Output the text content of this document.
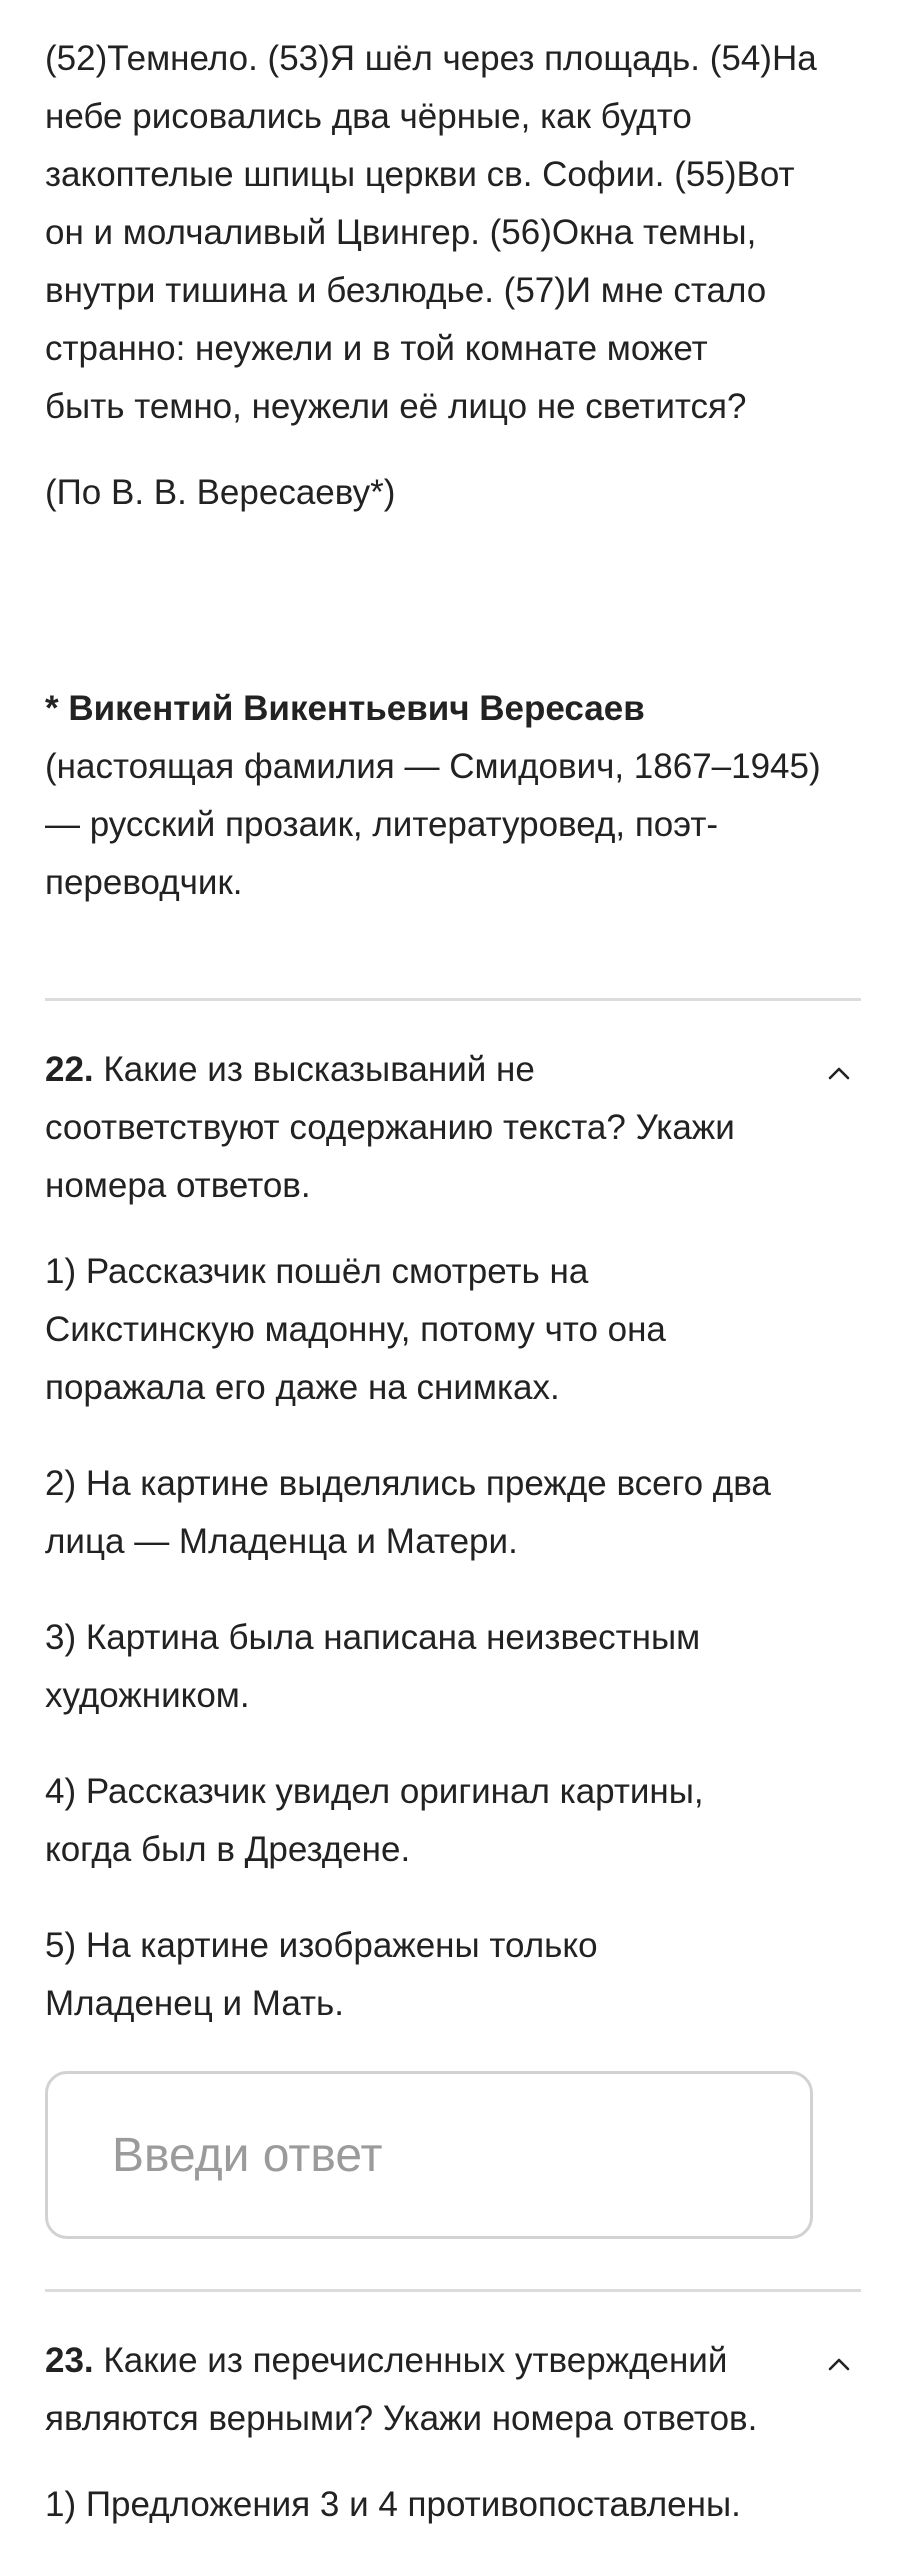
(52)Темнело. (53)Я шёл через площадь. (54)На
небе рисовались два чёрные, как будто
закоптелые шпицы церкви св. Софии. (55)Вот
он и молчаливый Цвингер. (56)Окна темны,
внутри тишина и безлюдье. (57)И мне стало
странно: неужели и в той комнате может
быть темно, неужели её лицо не светится?
(По В. В. Вересаеву*)
* Викентий Викентьевич Вересаев
(настоящая фамилия — Смидович, 1867–1945)
— русский прозаик, литературовед, поэт-
переводчик.
22. Какие из высказываний не
соответствуют содержанию текста? Укажи
номера ответов.
1) Рассказчик пошёл смотреть на
Сикстинскую мадонну, потому что она
поражала его даже на снимках.
2) На картине выделялись прежде всего два
лица — Младенца и Матери.
3) Картина была написана неизвестным
художником.
4) Рассказчик увидел оригинал картины,
когда был в Дрездене.
5) На картине изображены только
Младенец и Мать.
Введи ответ
23. Какие из перечисленных утверждений
являются верными? Укажи номера ответов.
1) Предложения 3 и 4 противопоставлены.
